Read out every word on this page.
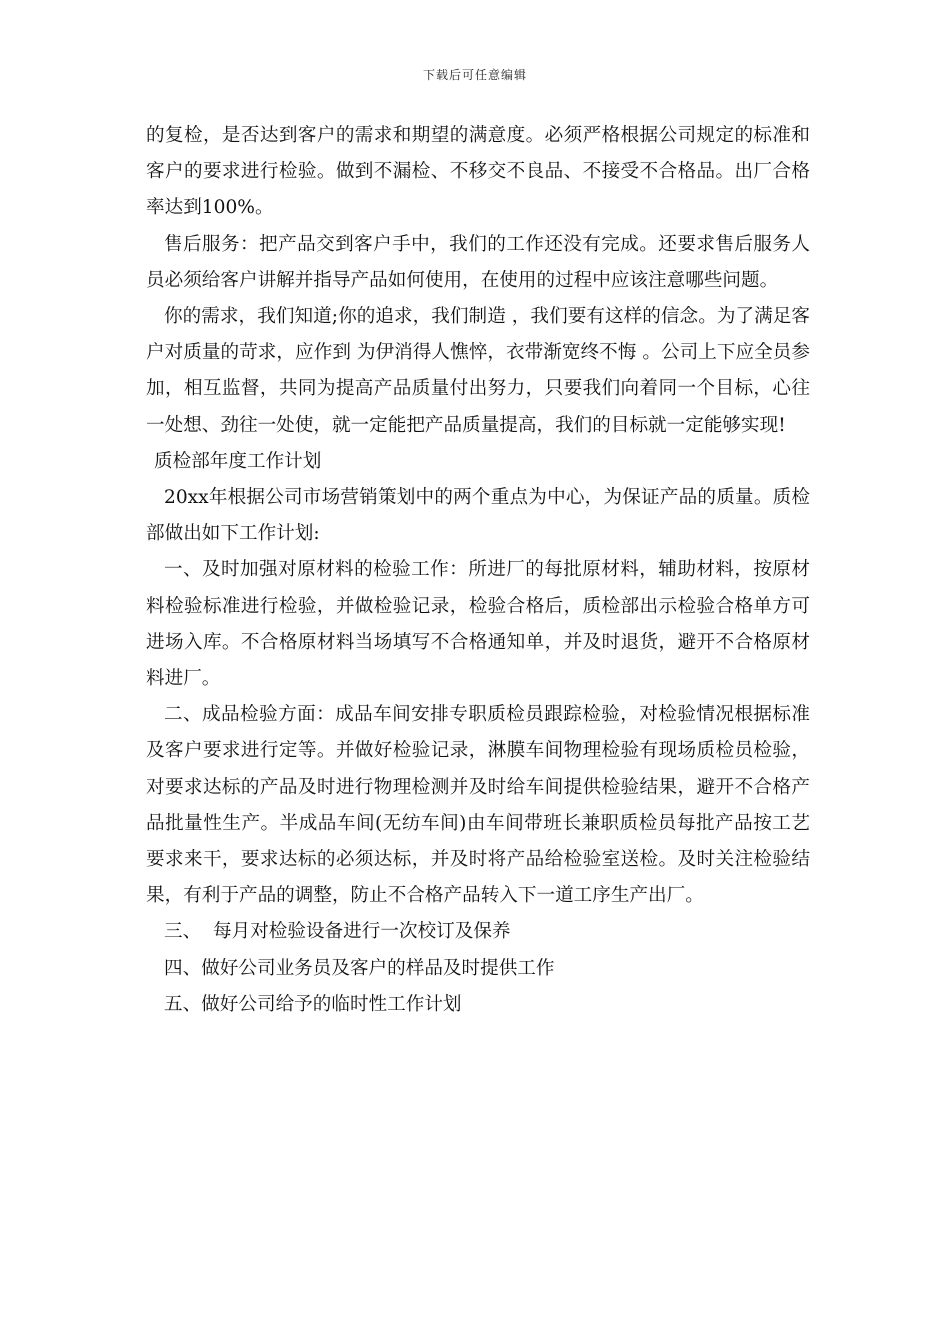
下载后可任意编辑

的复检，是否达到客户的需求和期望的满意度。必须严格根据公司规定的标准和客户的要求进行检验。做到不漏检、不移交不良品、不接受不合格品。出厂合格率达到100%。

售后服务：把产品交到客户手中，我们的工作还没有完成。还要求售后服务人员必须给客户讲解并指导产品如何使用，在使用的过程中应该注意哪些问题。

你的需求，我们知道;你的追求，我们制造 ，我们要有这样的信念。为了满足客户对质量的苛求，应作到 为伊消得人憔悴，衣带渐宽终不悔 。公司上下应全员参加，相互监督，共同为提高产品质量付出努力，只要我们向着同一个目标，心往一处想、劲往一处使，就一定能把产品质量提高，我们的目标就一定能够实现!

质检部年度工作计划

20xx年根据公司市场营销策划中的两个重点为中心，为保证产品的质量。质检部做出如下工作计划:

一、及时加强对原材料的检验工作：所进厂的每批原材料，辅助材料，按原材料检验标准进行检验，并做检验记录，检验合格后，质检部出示检验合格单方可进场入库。不合格原材料当场填写不合格通知单，并及时退货，避开不合格原材料进厂。

二、成品检验方面：成品车间安排专职质检员跟踪检验，对检验情况根据标准及客户要求进行定等。并做好检验记录，淋膜车间物理检验有现场质检员检验，对要求达标的产品及时进行物理检测并及时给车间提供检验结果，避开不合格产品批量性生产。半成品车间(无纺车间)由车间带班长兼职质检员每批产品按工艺要求来干，要求达标的必须达标，并及时将产品给检验室送检。及时关注检验结果，有利于产品的调整，防止不合格产品转入下一道工序生产出厂。

三、  每月对检验设备进行一次校订及保养

四、做好公司业务员及客户的样品及时提供工作

五、做好公司给予的临时性工作计划
